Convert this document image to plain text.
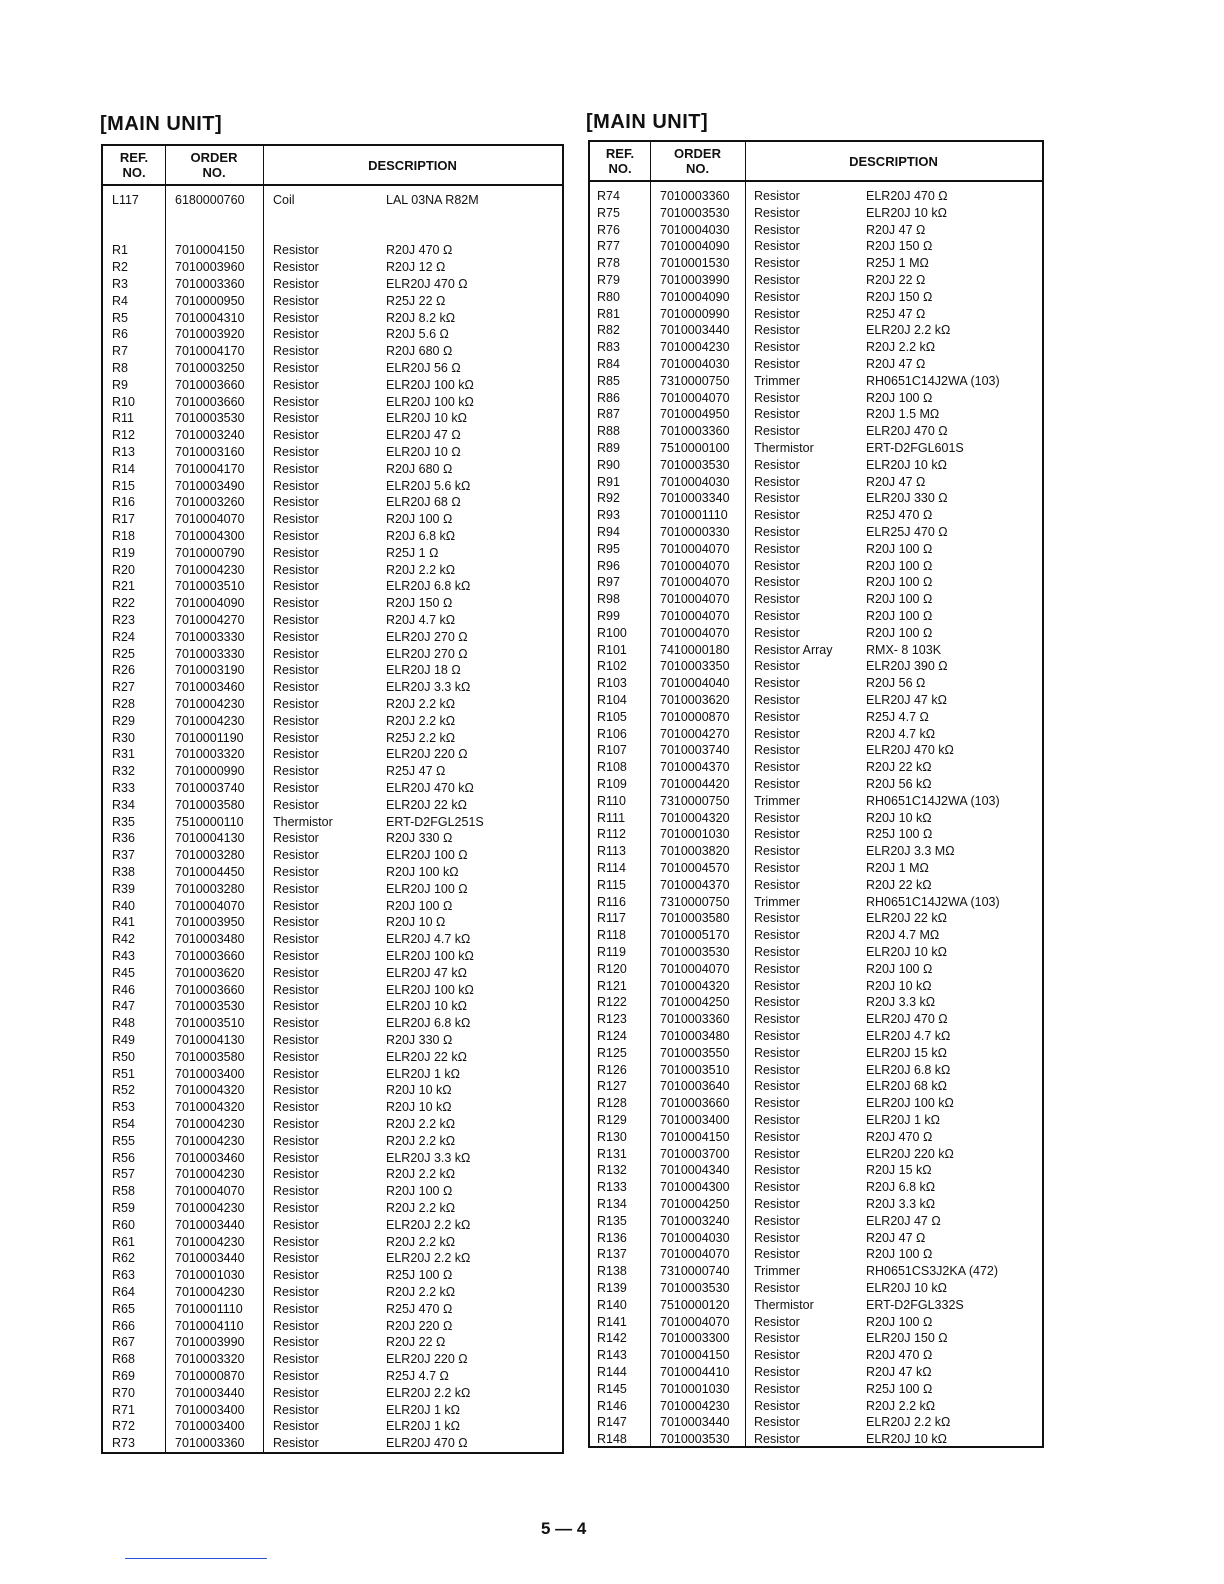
[MAIN UNIT]
REF.
NO.
ORDER
NO.	DESCRIPTION
L117	6180000760 Coil	LAL 03NA R82M
R1	7010004150 Resistor	R20J 470 Ω
R2	7010003960 Resistor	R20J 12 Ω
R3	7010003360 Resistor	ELR20J 470 Ω
R4	7010000950 Resistor	R25J 22 Ω
R5	7010004310 Resistor	R20J 8.2 kΩ
R6	7010003920 Resistor	R20J 5.6 Ω
R7	7010004170 Resistor	R20J 680 Ω
R8	7010003250 Resistor	ELR20J 56 Ω
R9	7010003660 Resistor	ELR20J 100 kΩ
R10	7010003660 Resistor	ELR20J 100 kΩ
R11	7010003530 Resistor	ELR20J 10 kΩ
R12	7010003240 Resistor	ELR20J 47 Ω
R13	7010003160 Resistor	ELR20J 10 Ω
R14	7010004170 Resistor	R20J 680 Ω
R15	7010003490 Resistor	ELR20J 5.6 kΩ
R16	7010003260 Resistor	ELR20J 68 Ω
R17	7010004070 Resistor	R20J 100 Ω
R18	7010004300 Resistor	R20J 6.8 kΩ
R19	7010000790 Resistor	R25J 1 Ω
R20	7010004230 Resistor	R20J 2.2 kΩ
R21	7010003510 Resistor	ELR20J 6.8 kΩ
R22	7010004090 Resistor	R20J 150 Ω
R23	7010004270 Resistor	R20J 4.7 kΩ
R24	7010003330 Resistor	ELR20J 270 Ω
R25	7010003330 Resistor	ELR20J 270 Ω
R26	7010003190 Resistor	ELR20J 18 Ω
R27	7010003460 Resistor	ELR20J 3.3 kΩ
R28	7010004230 Resistor	R20J 2.2 kΩ
R29	7010004230 Resistor	R20J 2.2 kΩ
R30	7010001190 Resistor	R25J 2.2 kΩ
R31	7010003320 Resistor	ELR20J 220 Ω
R32	7010000990 Resistor	R25J 47 Ω
R33	7010003740 Resistor	ELR20J 470 kΩ
R34	7010003580 Resistor	ELR20J 22 kΩ
R35	7510000110 Thermistor	ERT-D2FGL251S
R36	7010004130 Resistor	R20J 330 Ω
R37	7010003280 Resistor	ELR20J 100 Ω
R38	7010004450 Resistor	R20J 100 kΩ
R39	7010003280 Resistor	ELR20J 100 Ω
R40	7010004070 Resistor	R20J 100 Ω
R41	7010003950 Resistor	R20J 10 Ω
R42	7010003480 Resistor	ELR20J 4.7 kΩ
R43	7010003660 Resistor	ELR20J 100 kΩ
R45	7010003620 Resistor	ELR20J 47 kΩ
R46	7010003660 Resistor	ELR20J 100 kΩ
R47	7010003530 Resistor	ELR20J 10 kΩ
R48	7010003510 Resistor	ELR20J 6.8 kΩ
R49	7010004130 Resistor	R20J 330 Ω
R50	7010003580 Resistor	ELR20J 22 kΩ
R51	7010003400 Resistor	ELR20J 1 kΩ
R52	7010004320 Resistor	R20J 10 kΩ
R53	7010004320 Resistor	R20J 10 kΩ
R54	7010004230 Resistor	R20J 2.2 kΩ
R55	7010004230 Resistor	R20J 2.2 kΩ
R56	7010003460 Resistor	ELR20J 3.3 kΩ
R57	7010004230 Resistor	R20J 2.2 kΩ
R58	7010004070 Resistor	R20J 100 Ω
R59	7010004230 Resistor	R20J 2.2 kΩ
R60	7010003440 Resistor	ELR20J 2.2 kΩ
R61	7010004230 Resistor	R20J 2.2 kΩ
R62	7010003440 Resistor	ELR20J 2.2 kΩ
R63	7010001030 Resistor	R25J 100 Ω
R64	7010004230 Resistor	R20J 2.2 kΩ
R65	7010001110 Resistor	R25J 470 Ω
R66	7010004110 Resistor	R20J 220 Ω
R67	7010003990 Resistor	R20J 22 Ω
R68	7010003320 Resistor	ELR20J 220 Ω
R69	7010000870 Resistor	R25J 4.7 Ω
R70	7010003440 Resistor	ELR20J 2.2 kΩ
R71	7010003400 Resistor	ELR20J 1 kΩ
R72	7010003400 Resistor	ELR20J 1 kΩ
R73	7010003360 Resistor	ELR20J 470 Ω
[MAIN UNIT]
REF.
NO.
ORDER
NO.	DESCRIPTION
R74	7010003360 Resistor	ELR20J 470 Ω
R75	7010003530 Resistor	ELR20J 10 kΩ
R76	7010004030 Resistor	R20J 47 Ω
R77	7010004090 Resistor	R20J 150 Ω
R78	7010001530 Resistor	R25J 1 MΩ
R79	7010003990 Resistor	R20J 22 Ω
R80	7010004090 Resistor	R20J 150 Ω
R81	7010000990 Resistor	R25J 47 Ω
R82	7010003440 Resistor	ELR20J 2.2 kΩ
R83	7010004230 Resistor	R20J 2.2 kΩ
R84	7010004030 Resistor	R20J 47 Ω
R85	7310000750 Trimmer	RH0651C14J2WA (103)
R86	7010004070 Resistor	R20J 100 Ω
R87	7010004950 Resistor	R20J 1.5 MΩ
R88	7010003360 Resistor	ELR20J 470 Ω
R89	7510000100 Thermistor	ERT-D2FGL601S
R90	7010003530 Resistor	ELR20J 10 kΩ
R91	7010004030 Resistor	R20J 47 Ω
R92	7010003340 Resistor	ELR20J 330 Ω
R93	7010001110 Resistor	R25J 470 Ω
R94	7010000330 Resistor	ELR25J 470 Ω
R95	7010004070 Resistor	R20J 100 Ω
R96	7010004070 Resistor	R20J 100 Ω
R97	7010004070 Resistor	R20J 100 Ω
R98	7010004070 Resistor	R20J 100 Ω
R99	7010004070 Resistor	R20J 100 Ω
R100	7010004070 Resistor	R20J 100 Ω
R101	7410000180 Resistor Array	RMX- 8 103K
R102	7010003350 Resistor	ELR20J 390 Ω
R103	7010004040 Resistor	R20J 56 Ω
R104	7010003620 Resistor	ELR20J 47 kΩ
R105	7010000870 Resistor	R25J 4.7 Ω
R106	7010004270 Resistor	R20J 4.7 kΩ
R107	7010003740 Resistor	ELR20J 470 kΩ
R108	7010004370 Resistor	R20J 22 kΩ
R109	7010004420 Resistor	R20J 56 kΩ
R110	7310000750 Trimmer	RH0651C14J2WA (103)
R111	7010004320 Resistor	R20J 10 kΩ
R112	7010001030 Resistor	R25J 100 Ω
R113	7010003820 Resistor	ELR20J 3.3 MΩ
R114	7010004570 Resistor	R20J 1 MΩ
R115	7010004370 Resistor	R20J 22 kΩ
R116	7310000750 Trimmer	RH0651C14J2WA (103)
R117	7010003580 Resistor	ELR20J 22 kΩ
R118	7010005170 Resistor	R20J 4.7 MΩ
R119	7010003530 Resistor	ELR20J 10 kΩ
R120	7010004070 Resistor	R20J 100 Ω
R121	7010004320 Resistor	R20J 10 kΩ
R122	7010004250 Resistor	R20J 3.3 kΩ
R123	7010003360 Resistor	ELR20J 470 Ω
R124	7010003480 Resistor	ELR20J 4.7 kΩ
R125	7010003550 Resistor	ELR20J 15 kΩ
R126	7010003510 Resistor	ELR20J 6.8 kΩ
R127	7010003640 Resistor	ELR20J 68 kΩ
R128	7010003660 Resistor	ELR20J 100 kΩ
R129	7010003400 Resistor	ELR20J 1 kΩ
R130	7010004150 Resistor	R20J 470 Ω
R131	7010003700 Resistor	ELR20J 220 kΩ
R132	7010004340 Resistor	R20J 15 kΩ
R133	7010004300 Resistor	R20J 6.8 kΩ
R134	7010004250 Resistor	R20J 3.3 kΩ
R135	7010003240 Resistor	ELR20J 47 Ω
R136	7010004030 Resistor	R20J 47 Ω
R137	7010004070 Resistor	R20J 100 Ω
R138	7310000740 Trimmer	RH0651CS3J2KA (472)
R139	7010003530 Resistor	ELR20J 10 kΩ
R140	7510000120 Thermistor	ERT-D2FGL332S
R141	7010004070 Resistor	R20J 100 Ω
R142	7010003300 Resistor	ELR20J 150 Ω
R143	7010004150 Resistor	R20J 470 Ω
R144	7010004410 Resistor	R20J 47 kΩ
R145	7010001030 Resistor	R25J 100 Ω
R146	7010004230 Resistor	R20J 2.2 kΩ
R147	7010003440 Resistor	ELR20J 2.2 kΩ
R148	7010003530 Resistor	ELR20J 10 kΩ
5 — 4
